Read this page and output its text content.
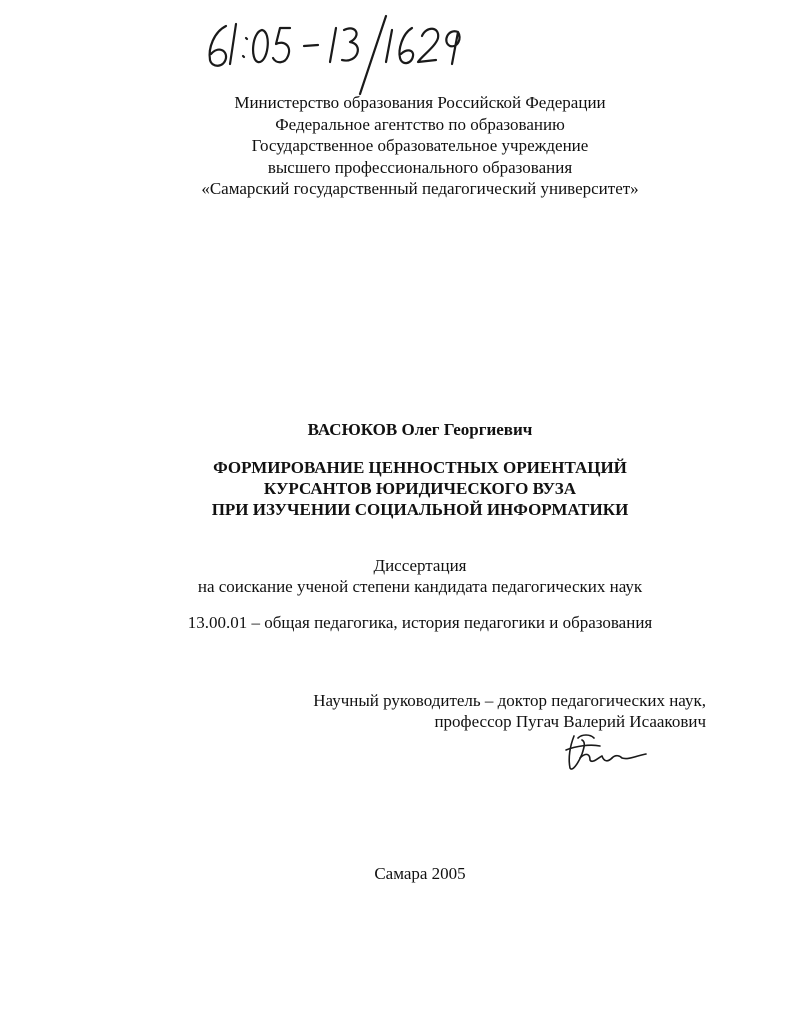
Министерство образования Российской Федерации
Федеральное агентство по образованию
Государственное образовательное учреждение
высшего профессионального образования
«Самарский государственный педагогический университет»
ВАСЮКОВ Олег Георгиевич
ФОРМИРОВАНИЕ ЦЕННОСТНЫХ ОРИЕНТАЦИЙ
КУРСАНТОВ ЮРИДИЧЕСКОГО ВУЗА
ПРИ ИЗУЧЕНИИ СОЦИАЛЬНОЙ ИНФОРМАТИКИ
Диссертация
на соискание ученой степени кандидата педагогических наук
13.00.01 – общая педагогика, история педагогики и образования
Научный руководитель – доктор педагогических наук,
профессор Пугач Валерий Исаакович
Самара 2005
